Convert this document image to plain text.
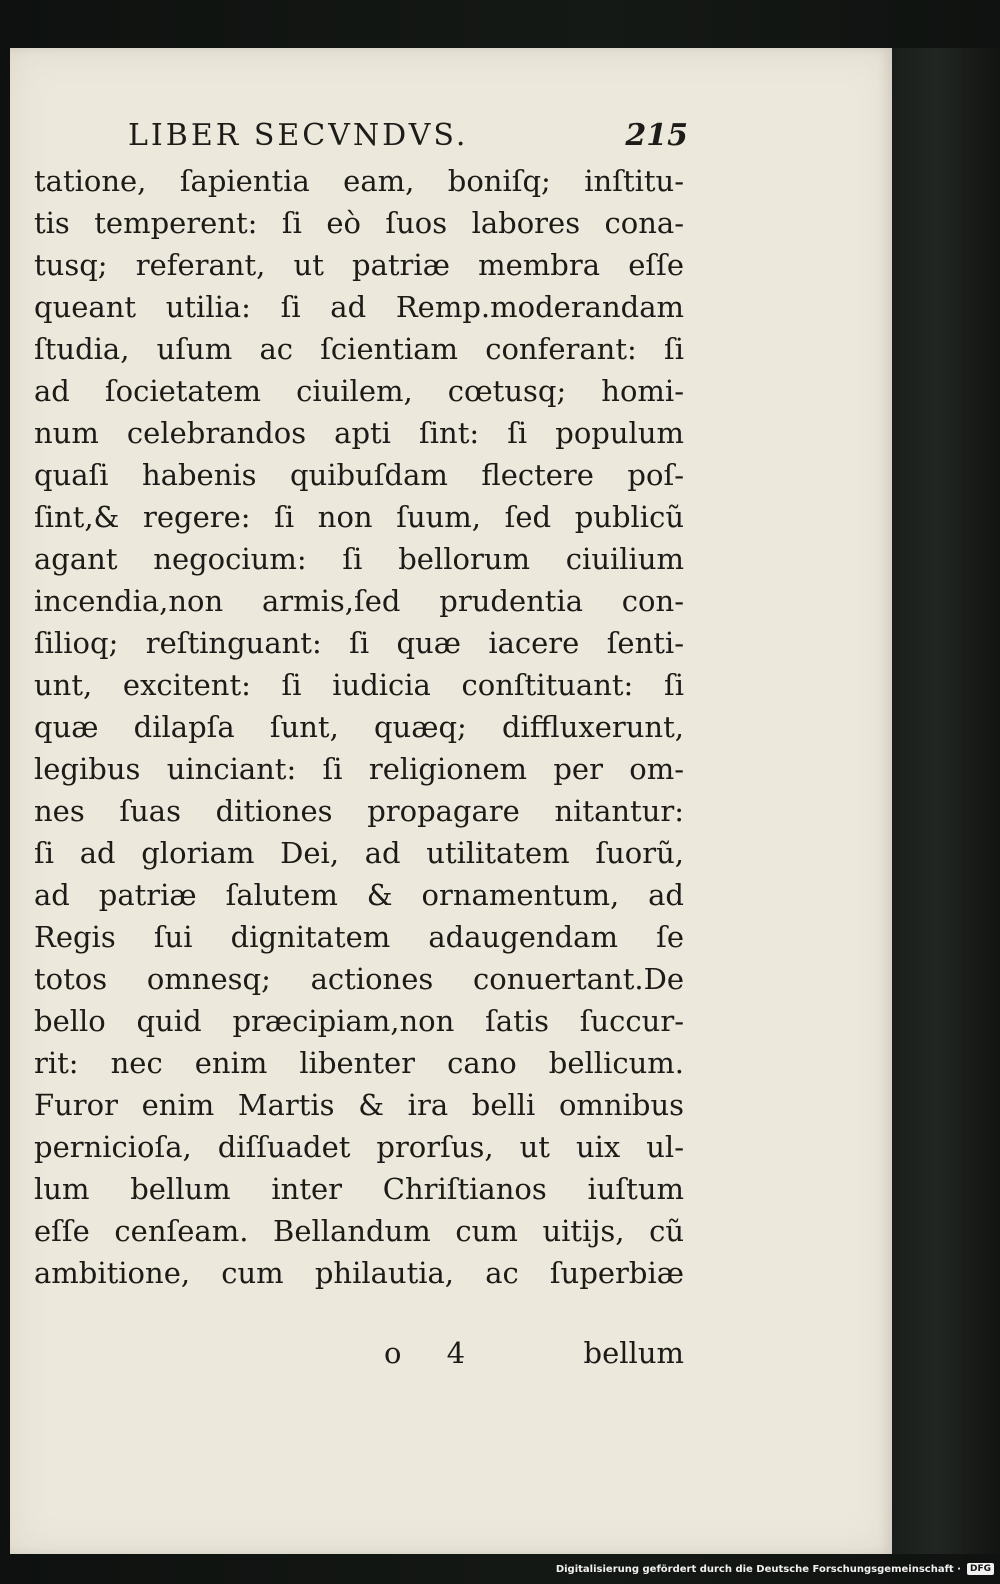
LIBER SECVNDVS.	215
tatione, ſapientia eam, boniſq; inſtitu-
tis temperent: ſi eò ſuos labores cona-
tusq; referant, ut patriæ membra eſſe
queant utilia: ſi ad Remp.moderandam
ſtudia, uſum ac ſcientiam conferant: ſi
ad ſocietatem ciuilem, cœtusq; homi-
num celebrandos apti ſint: ſi populum
quaſi habenis quibuſdam flectere poſ-
ſint,& regere: ſi non ſuum, ſed publicũ
agant negocium: ſi bellorum ciuilium
incendia,non armis,ſed prudentia con-
ſilioq; reſtinguant: ſi quæ iacere ſenti-
unt, excitent: ſi iudicia conſtituant: ſi
quæ dilapſa ſunt, quæq; diffluxerunt,
legibus uinciant: ſi religionem per om-
nes ſuas ditiones propagare nitantur:
ſi ad gloriam Dei, ad utilitatem ſuorũ,
ad patriæ ſalutem & ornamentum, ad
Regis ſui dignitatem adaugendam ſe
totos omnesq; actiones conuertant.De
bello quid præcipiam,non ſatis ſuccur-
rit: nec enim libenter cano bellicum.
Furor enim Martis & ira belli omnibus
pernicioſa, diſſuadet prorſus, ut uix ul-
lum bellum inter Chriſtianos iuſtum
eſſe cenſeam. Bellandum cum uitijs, cũ
ambitione, cum philautia, ac ſuperbiæ
o 4	bellum
Digitalisierung gefördert durch die Deutsche Forschungsgemeinschaft ·	DFG
